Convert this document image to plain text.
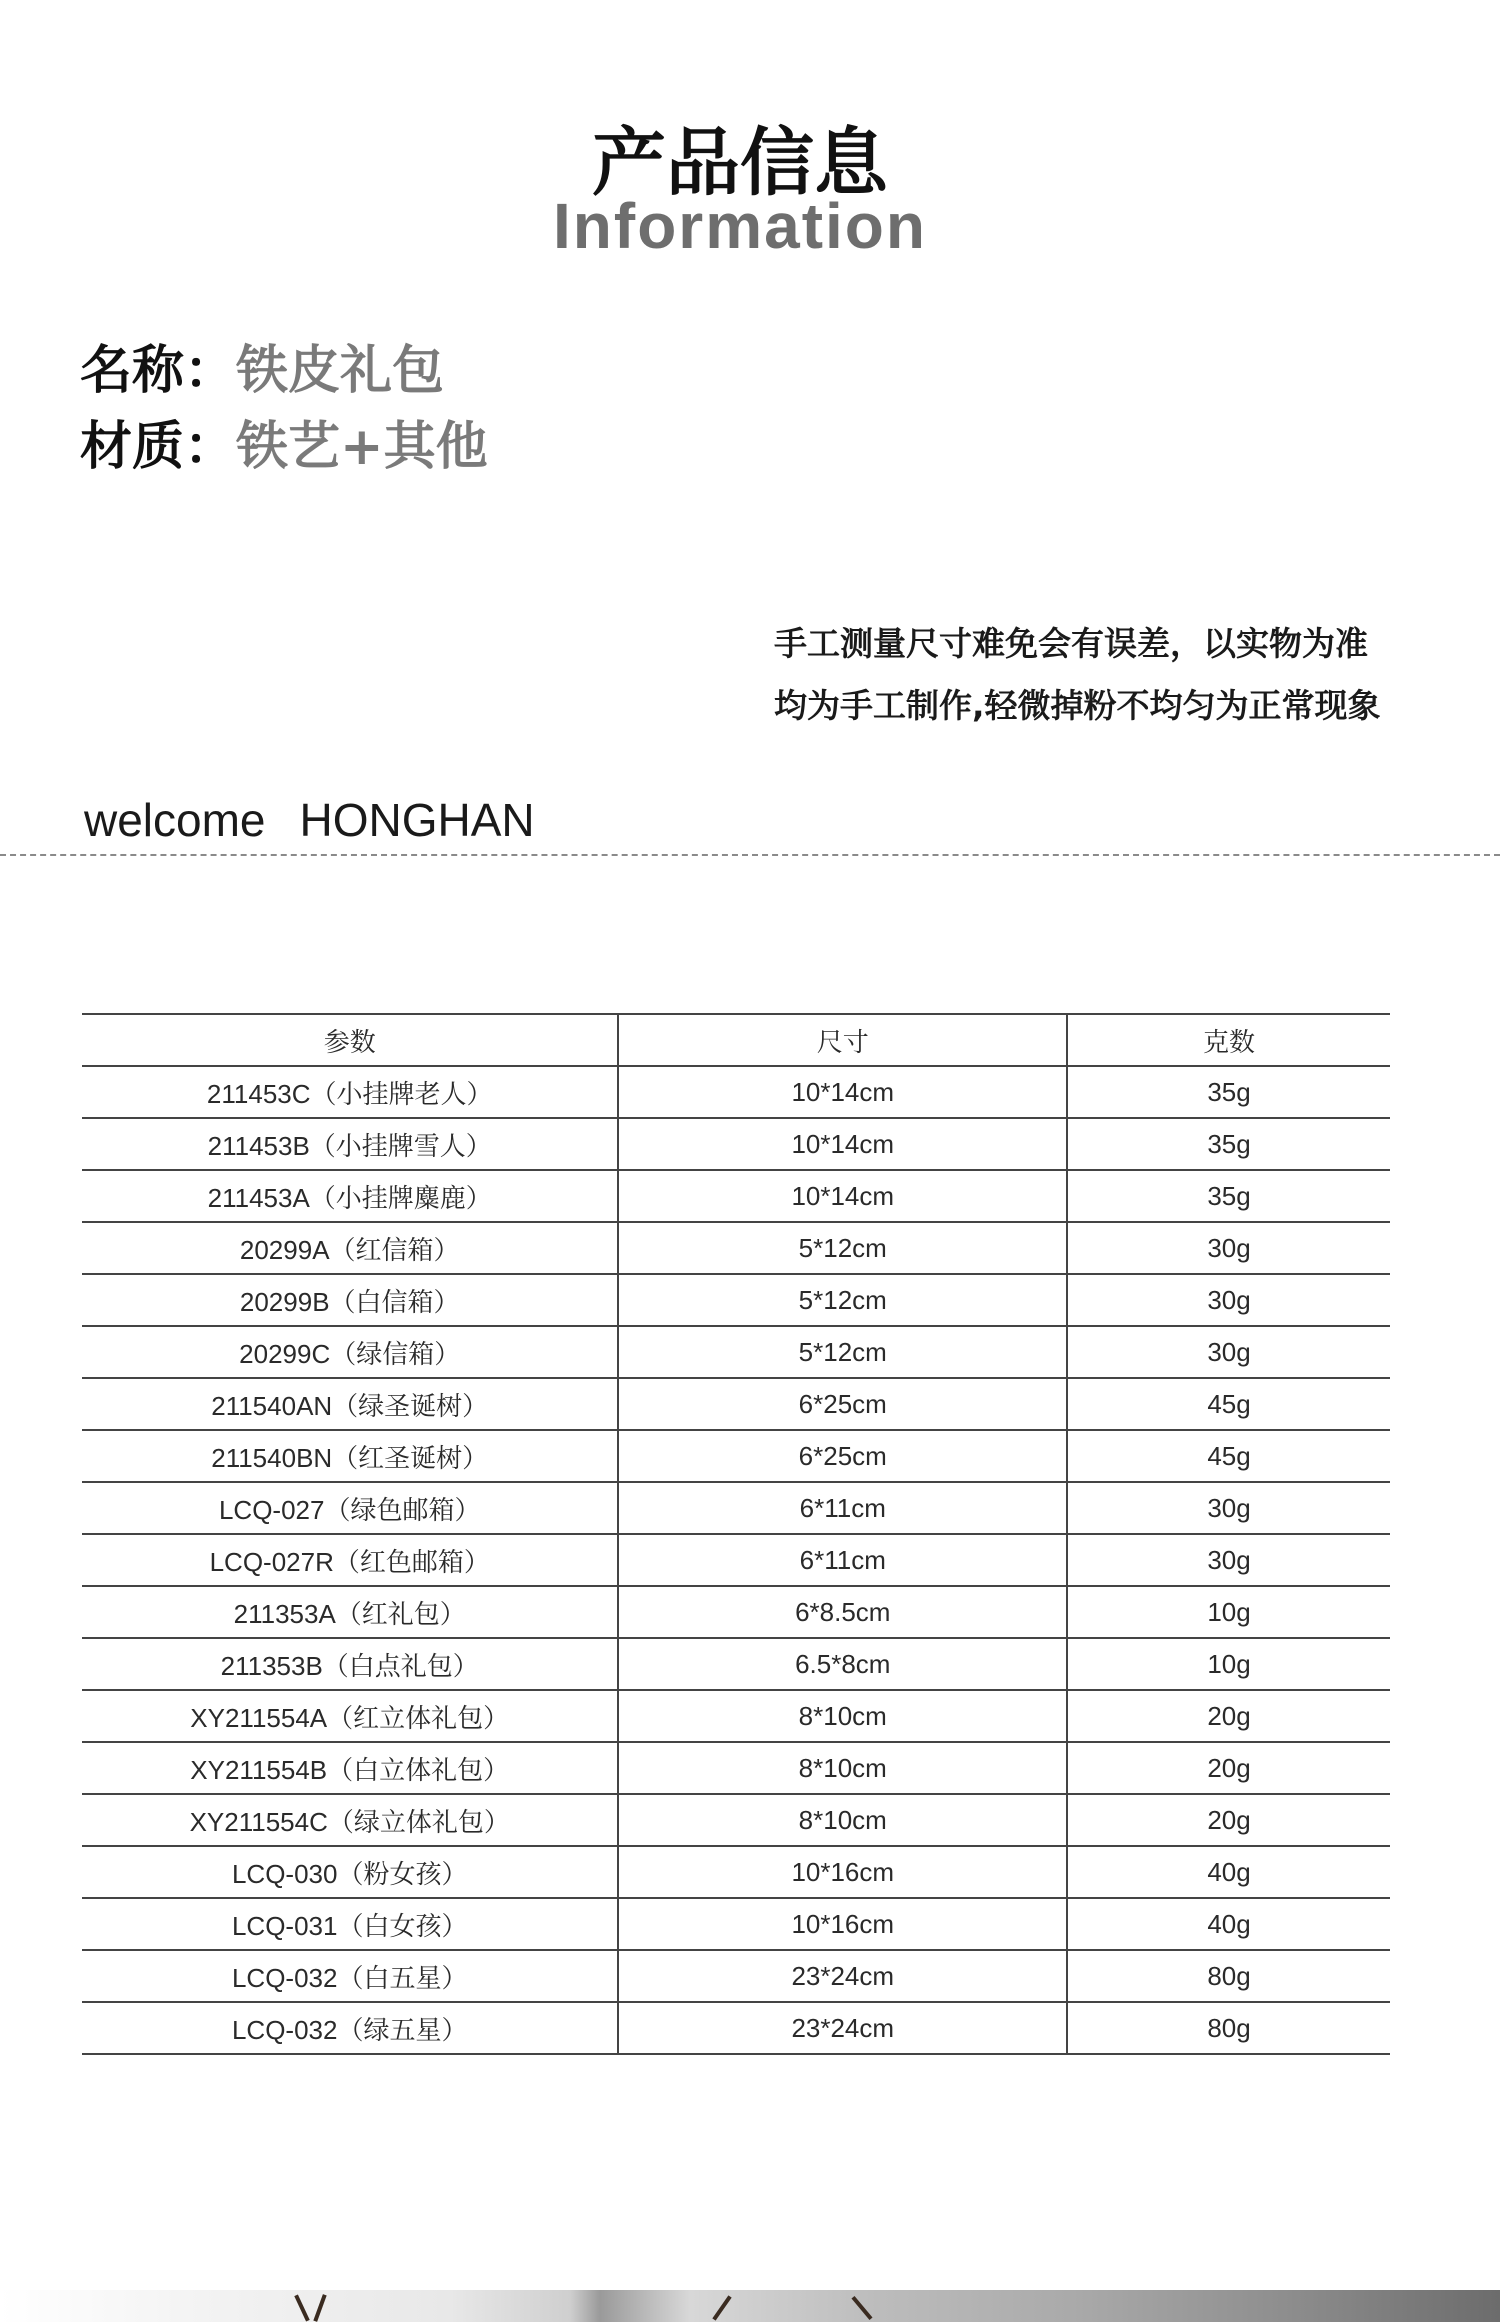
产品信息
Information
名称：铁皮礼包
材质：铁艺+其他
手工测量尺寸难免会有误差，以实物为准
均为手工制作,轻微掉粉不均匀为正常现象
welcome HONGHAN
参数	尺寸	克数
211453C（小挂牌老人）	10*14cm	35g
211453B（小挂牌雪人）	10*14cm	35g
211453A（小挂牌麋鹿）	10*14cm	35g
20299A（红信箱）	5*12cm	30g
20299B（白信箱）	5*12cm	30g
20299C（绿信箱）	5*12cm	30g
211540AN（绿圣诞树）	6*25cm	45g
211540BN（红圣诞树）	6*25cm	45g
LCQ-027（绿色邮箱）	6*11cm	30g
LCQ-027R（红色邮箱）	6*11cm	30g
211353A（红礼包）	6*8.5cm	10g
211353B（白点礼包）	6.5*8cm	10g
XY211554A（红立体礼包）	8*10cm	20g
XY211554B（白立体礼包）	8*10cm	20g
XY211554C（绿立体礼包）	8*10cm	20g
LCQ-030（粉女孩）	10*16cm	40g
LCQ-031（白女孩）	10*16cm	40g
LCQ-032（白五星）	23*24cm	80g
LCQ-032（绿五星）	23*24cm	80g
